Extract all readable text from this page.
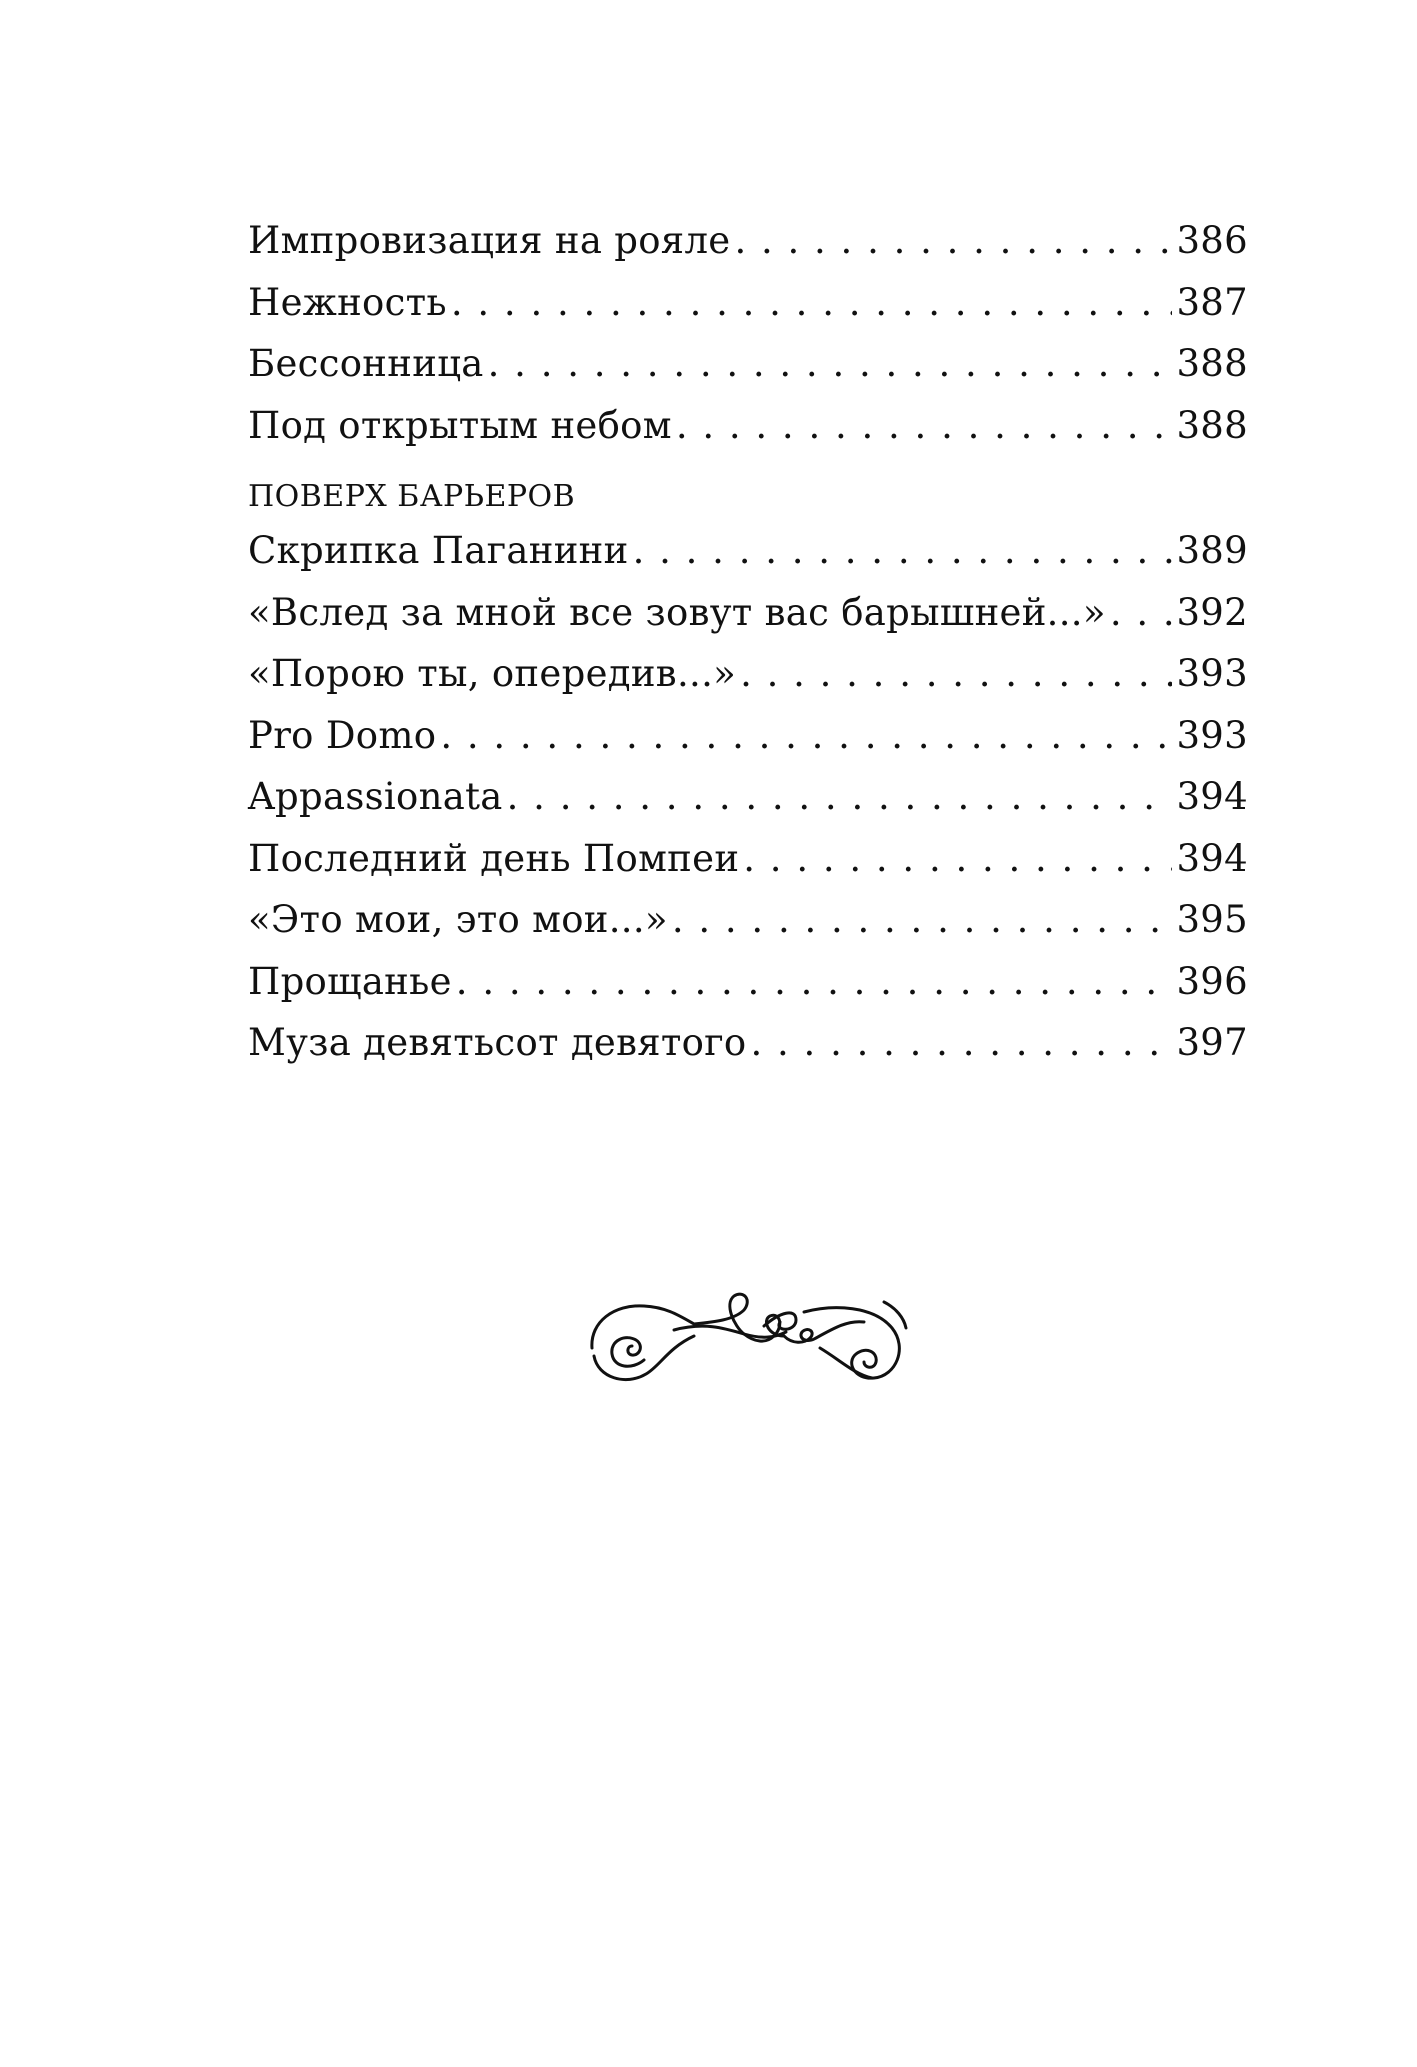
Импровизация на рояле . . .	386
Нежность . . .	387
Бессонница . . .	388
Под открытым небом . . .	388
ПОВЕРХ БАРЬЕРОВ
Скрипка Паганини . . .	389
«Вслед за мной все зовут вас барышней...» . . . 392
«Порою ты, опередив...» . . .	393
Pro Domo . . .	393
Appassionata . . .	394
Последний день Помпеи . . .	394
«Это мои, это мои...» . . .	395
Прощанье . . .	396
Муза девятьсот девятого . . .	397
